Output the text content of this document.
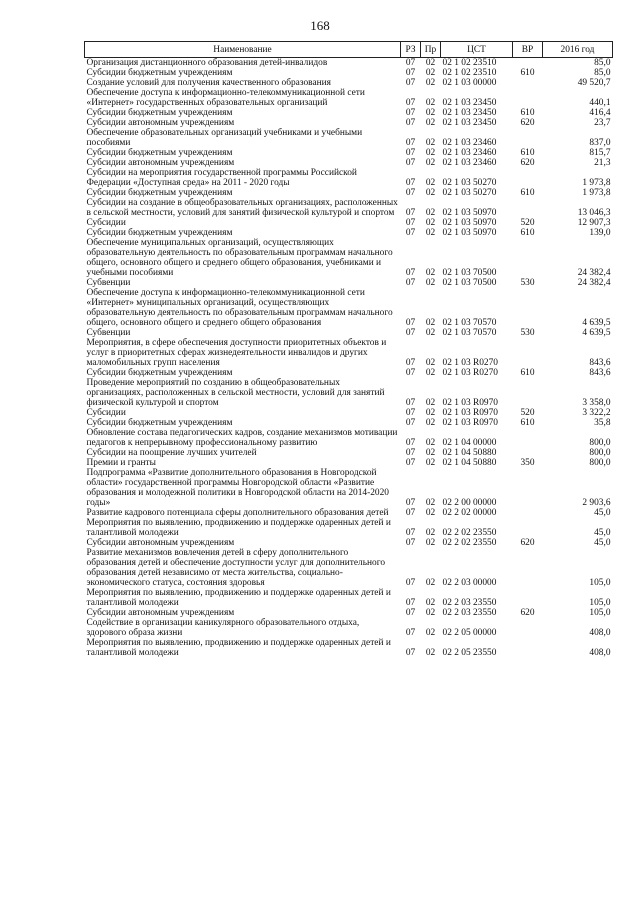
168
Наименование	РЗ	Пр	ЦСТ	ВР	2016 год
Организация дистанционного образования детей-инвалидов	07	02	02 1 02 23510		85,0
Субсидии бюджетным учреждениям	07	02	02 1 02 23510	610	85,0
Создание условий для получения качественного образования	07	02	02 1 03 00000		49 520,7
Обеспечение доступа к информационно-телекоммуникационной сети «Интернет» государственных образовательных организаций	07	02	02 1 03 23450		440,1
Субсидии бюджетным учреждениям	07	02	02 1 03 23450	610	416,4
Субсидии автономным учреждениям	07	02	02 1 03 23450	620	23,7
Обеспечение образовательных организаций учебниками и учебными пособиями	07	02	02 1 03 23460		837,0
Субсидии бюджетным учреждениям	07	02	02 1 03 23460	610	815,7
Субсидии автономным учреждениям	07	02	02 1 03 23460	620	21,3
Субсидии на мероприятия государственной программы Российской Федерации «Доступная среда» на 2011 - 2020 годы	07	02	02 1 03 50270		1 973,8
Субсидии бюджетным учреждениям	07	02	02 1 03 50270	610	1 973,8
Субсидии на создание в общеобразовательных организациях, расположенных в сельской местности, условий для занятий физической культурой и спортом	07	02	02 1 03 50970		13 046,3
Субсидии	07	02	02 1 03 50970	520	12 907,3
Субсидии бюджетным учреждениям	07	02	02 1 03 50970	610	139,0
Обеспечение муниципальных организаций, осуществляющих образовательную деятельность по образовательным программам начального общего, основного общего и среднего общего образования, учебниками и учебными пособиями	07	02	02 1 03 70500		24 382,4
Субвенции	07	02	02 1 03 70500	530	24 382,4
Обеспечение доступа к информационно-телекоммуникационной сети «Интернет» муниципальных организаций, осуществляющих образовательную деятельность по образовательным программам начального общего, основного общего и среднего общего образования	07	02	02 1 03 70570		4 639,5
Субвенции	07	02	02 1 03 70570	530	4 639,5
Мероприятия, в сфере обеспечения доступности приоритетных объектов и услуг в приоритетных сферах жизнедеятельности инвалидов и других маломобильных групп населения	07	02	02 1 03 R0270		843,6
Субсидии бюджетным учреждениям	07	02	02 1 03 R0270	610	843,6
Проведение мероприятий по созданию в общеобразовательных организациях, расположенных в сельской местности, условий для занятий физической культурой и спортом	07	02	02 1 03 R0970		3 358,0
Субсидии	07	02	02 1 03 R0970	520	3 322,2
Субсидии бюджетным учреждениям	07	02	02 1 03 R0970	610	35,8
Обновление состава педагогических кадров, создание механизмов мотивации педагогов к непрерывному профессиональному развитию	07	02	02 1 04 00000		800,0
Субсидии на поощрение лучших учителей	07	02	02 1 04 50880		800,0
Премии и гранты	07	02	02 1 04 50880	350	800,0
Подпрограмма «Развитие дополнительного образования в Новгородской области» государственной программы Новгородской области «Развитие образования и молодежной политики в Новгородской области на 2014-2020 годы»	07	02	02 2 00 00000		2 903,6
Развитие кадрового потенциала сферы дополнительного образования детей	07	02	02 2 02 00000		45,0
Мероприятия по выявлению, продвижению и поддержке одаренных детей и талантливой молодежи	07	02	02 2 02 23550		45,0
Субсидии автономным учреждениям	07	02	02 2 02 23550	620	45,0
Развитие механизмов вовлечения детей в сферу дополнительного образования детей и обеспечение доступности услуг для дополнительного образования детей независимо от места жительства, социально-экономического статуса, состояния здоровья	07	02	02 2 03 00000		105,0
Мероприятия по выявлению, продвижению и поддержке одаренных детей и талантливой молодежи	07	02	02 2 03 23550		105,0
Субсидии автономным учреждениям	07	02	02 2 03 23550	620	105,0
Содействие в организации каникулярного образовательного отдыха, здорового образа жизни	07	02	02 2 05 00000		408,0
Мероприятия по выявлению, продвижению и поддержке одаренных детей и талантливой молодежи	07	02	02 2 05 23550		408,0
